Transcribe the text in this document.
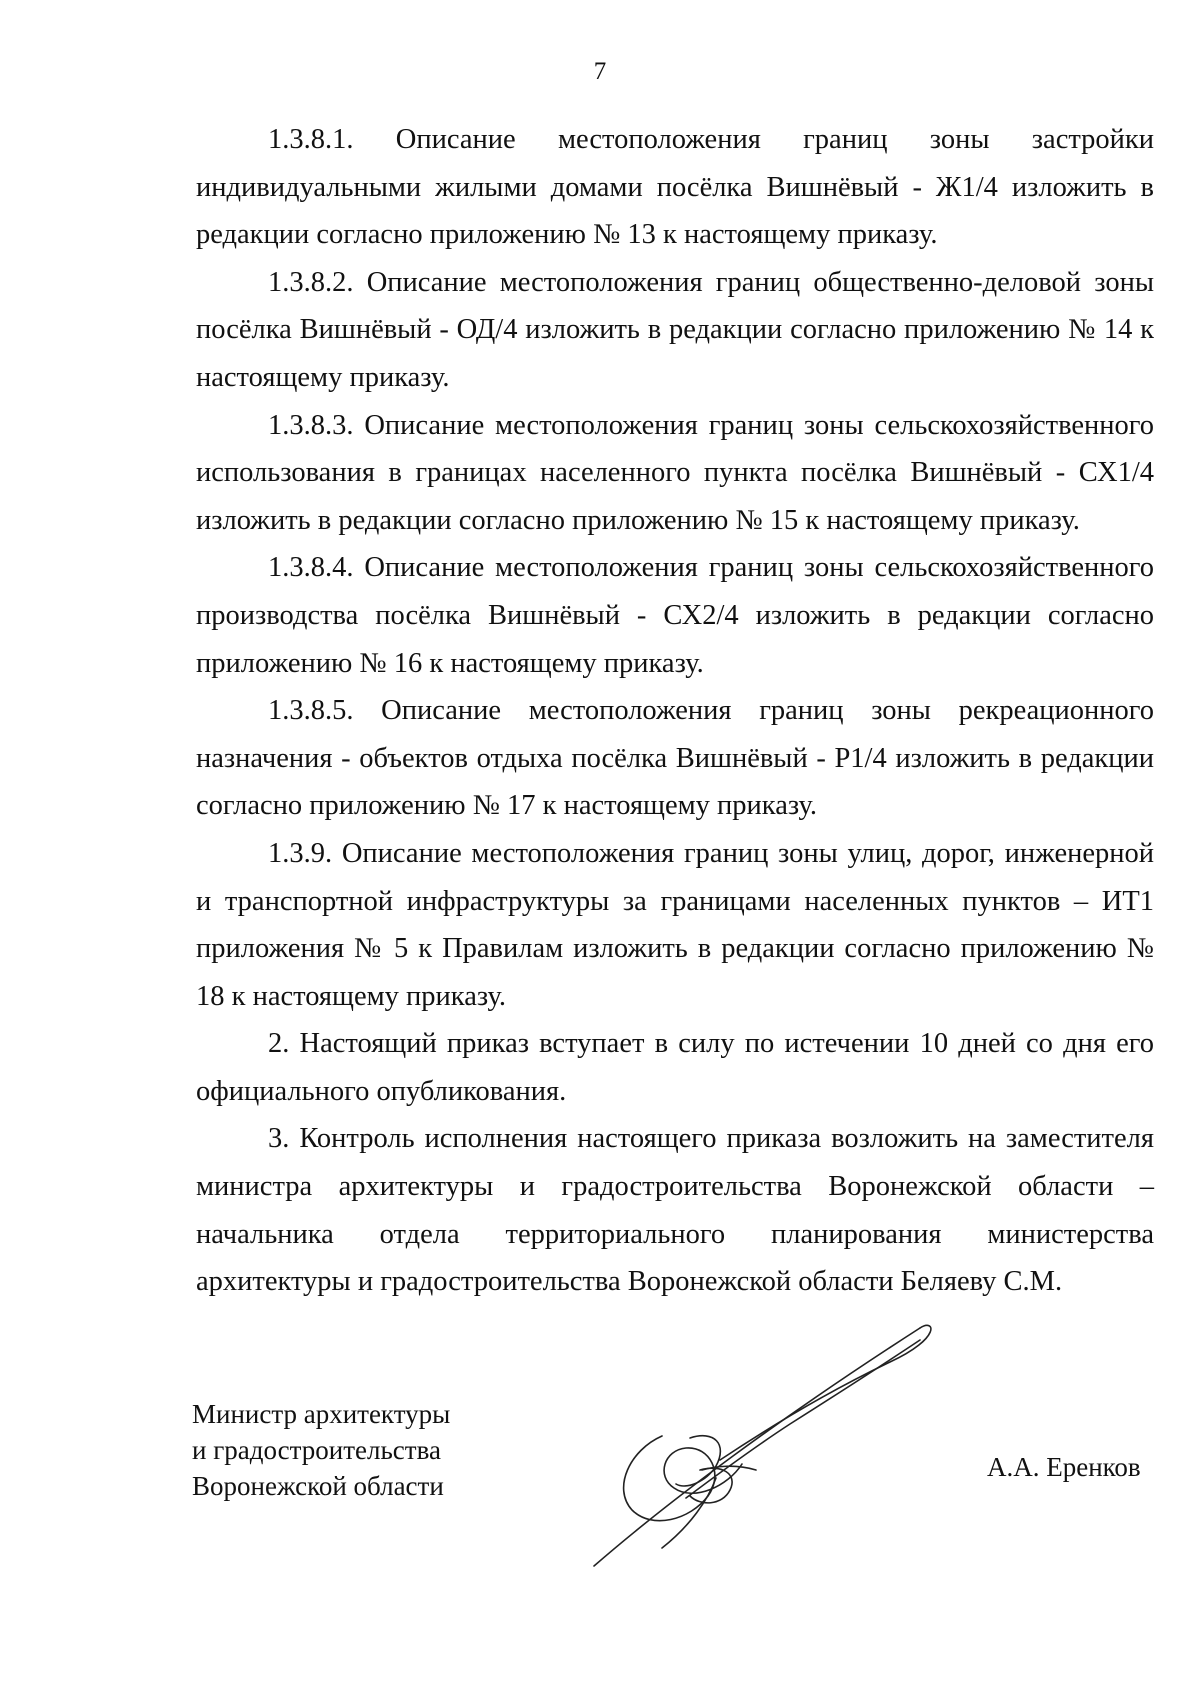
7

1.3.8.1. Описание местоположения границ зоны застройки индивидуальными жилыми домами посёлка Вишнёвый - Ж1/4 изложить в редакции согласно приложению № 13 к настоящему приказу.

1.3.8.2. Описание местоположения границ общественно-деловой зоны посёлка Вишнёвый - ОД/4 изложить в редакции согласно приложению № 14 к настоящему приказу.

1.3.8.3. Описание местоположения границ зоны сельскохозяйственного использования в границах населенного пункта посёлка Вишнёвый - СХ1/4 изложить в редакции согласно приложению № 15 к настоящему приказу.

1.3.8.4. Описание местоположения границ зоны сельскохозяйственного производства посёлка Вишнёвый - СХ2/4 изложить в редакции согласно приложению № 16 к настоящему приказу.

1.3.8.5. Описание местоположения границ зоны рекреационного назначения - объектов отдыха посёлка Вишнёвый - Р1/4 изложить в редакции согласно приложению № 17 к настоящему приказу.

1.3.9. Описание местоположения границ зоны улиц, дорог, инженерной и транспортной инфраструктуры за границами населенных пунктов – ИТ1 приложения № 5 к Правилам изложить в редакции согласно приложению № 18 к настоящему приказу.

2. Настоящий приказ вступает в силу по истечении 10 дней со дня его официального опубликования.

3. Контроль исполнения настоящего приказа возложить на заместителя министра архитектуры и градостроительства Воронежской области – начальника отдела территориального планирования министерства архитектуры и градостроительства Воронежской области Беляеву С.М.

Министр архитектуры
и градостроительства
Воронежской области
А.А. Еренков
